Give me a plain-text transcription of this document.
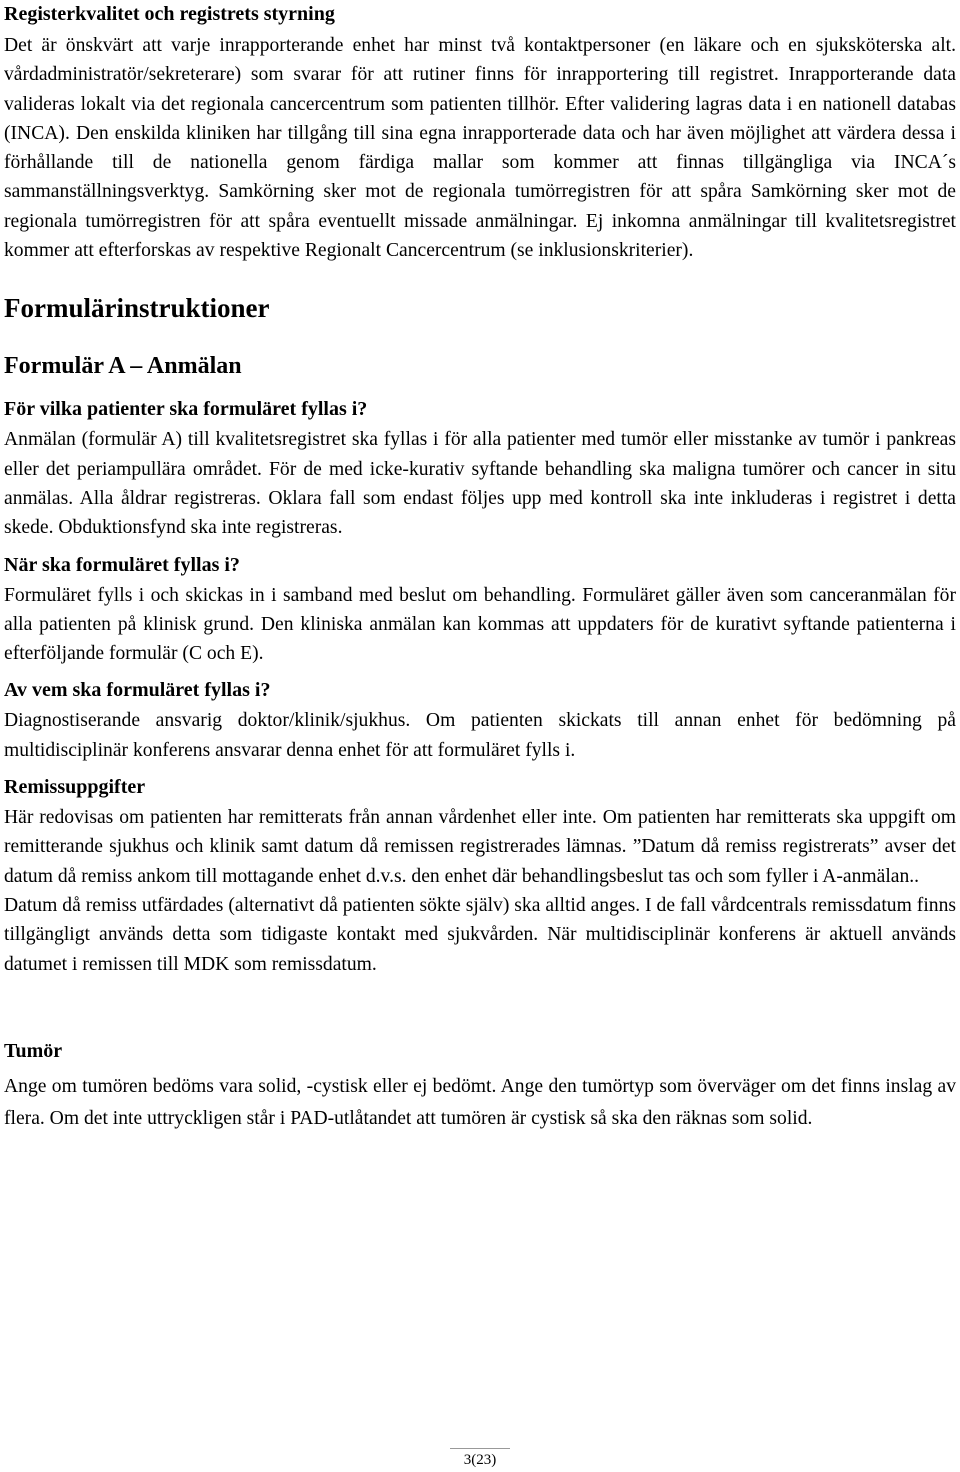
Registerkvalitet och registrets styrning

Det är önskvärt att varje inrapporterande enhet har minst två kontaktpersoner (en läkare och en sjuksköterska alt. vårdadministratör/sekreterare) som svarar för att rutiner finns för inrapportering till registret. Inrapporterande data valideras lokalt via det regionala cancercentrum som patienten tillhör. Efter validering lagras data i en nationell databas (INCA). Den enskilda kliniken har tillgång till sina egna inrapporterade data och har även möjlighet att värdera dessa i förhållande till de nationella genom färdiga mallar som kommer att finnas tillgängliga via INCA´s sammanställningsverktyg. Samkörning sker mot de regionala tumörregistren för att spåra Samkörning sker mot de regionala tumörregistren för att spåra eventuellt missade anmälningar. Ej inkomna anmälningar till kvalitetsregistret kommer att efterforskas av respektive Regionalt Cancercentrum (se inklusionskriterier).

Formulärinstruktioner
Formulär A – Anmälan
För vilka patienter ska formuläret fyllas i?

Anmälan (formulär A) till kvalitetsregistret ska fyllas i för alla patienter med tumör eller misstanke av tumör i pankreas eller det periampullära området. För de med icke-kurativ syftande behandling ska maligna tumörer och cancer in situ anmälas. Alla åldrar registreras. Oklara fall som endast följes upp med kontroll ska inte inkluderas i registret i detta skede. Obduktionsfynd ska inte registreras.

När ska formuläret fyllas i?

Formuläret fylls i och skickas in i samband med beslut om behandling. Formuläret gäller även som canceranmälan för alla patienten på klinisk grund. Den kliniska anmälan kan kommas att uppdaters för de kurativt syftande patienterna i efterföljande formulär (C och E).

Av vem ska formuläret fyllas i?

Diagnostiserande ansvarig doktor/klinik/sjukhus. Om patienten skickats till annan enhet för bedömning på multidisciplinär konferens ansvarar denna enhet för att formuläret fylls i.

Remissuppgifter

Här redovisas om patienten har remitterats från annan vårdenhet eller inte. Om patienten har remitterats ska uppgift om remitterande sjukhus och klinik samt datum då remissen registrerades lämnas. ”Datum då remiss registrerats” avser det datum då remiss ankom till mottagande enhet d.v.s. den enhet där behandlingsbeslut tas och som fyller i A-anmälan..

Datum då remiss utfärdades (alternativt då patienten sökte själv) ska alltid anges. I de fall vårdcentrals remissdatum finns tillgängligt används detta som tidigaste kontakt med sjukvården. När multidisciplinär konferens är aktuell används datumet i remissen till MDK som remissdatum.

Tumör

Ange om tumören bedöms vara solid, -cystisk eller ej bedömt. Ange den tumörtyp som överväger om det finns inslag av flera. Om det inte uttryckligen står i PAD-utlåtandet att tumören är cystisk så ska den räknas som solid.

3(23)
